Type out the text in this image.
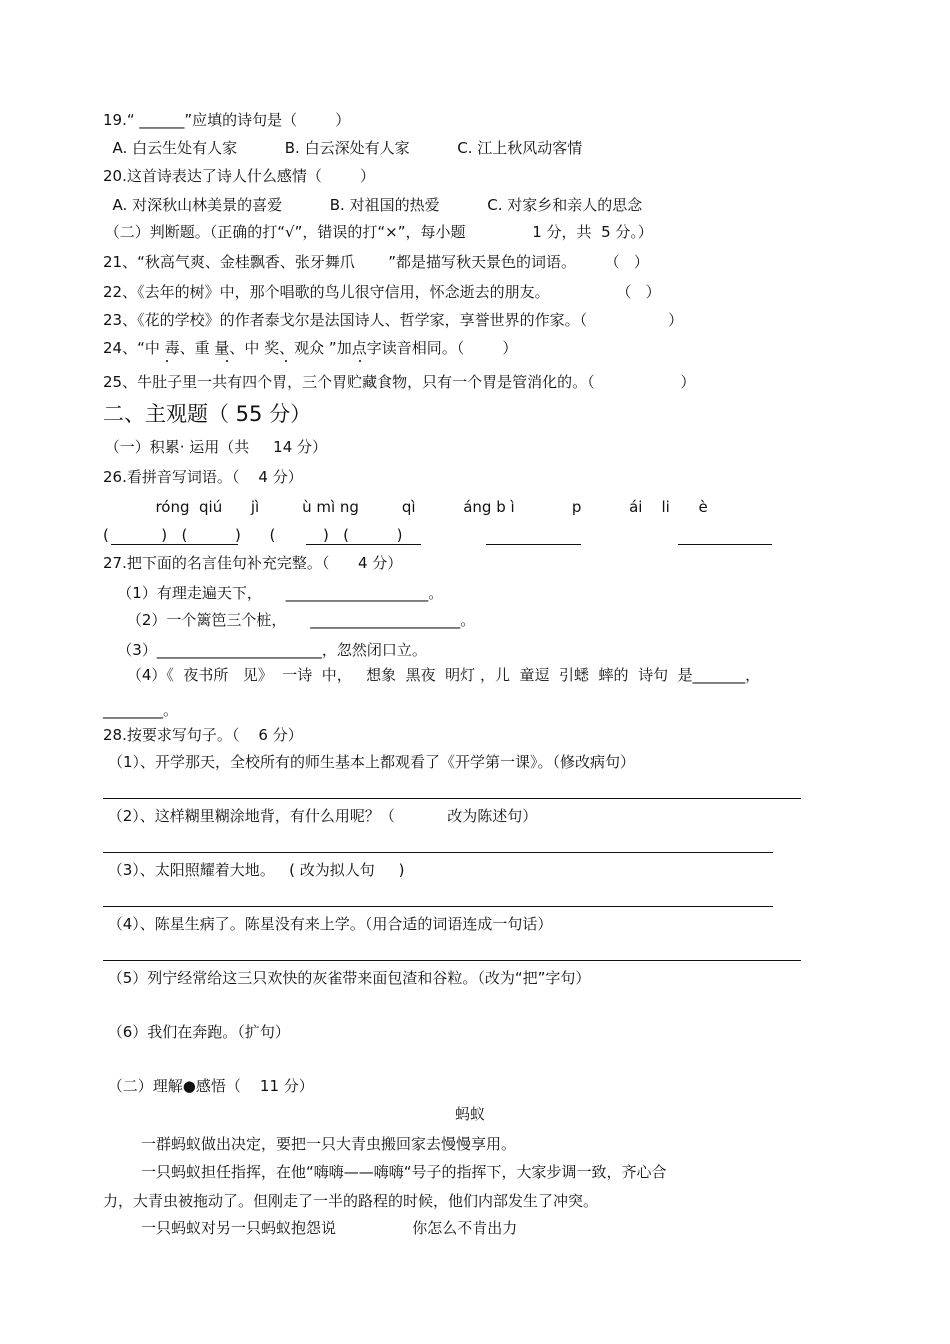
19.“ ______”应填的诗句是（        ）
A. 白云生处有人家          B. 白云深处有人家          C. 江上秋风动客情
20.这首诗表达了诗人什么感情（        ）
A. 对深秋山林美景的喜爱          B. 对祖国的热爱          C. 对家乡和亲人的思念
（二）判断题。（正确的打“√”，错误的打“×”，每小题              1 分，共  5 分。）
21、“秋高气爽、金桂飘香、张牙舞爪       ”都是描写秋天景色的词语。      （   ）
22、《去年的树》中，那个唱歌的鸟儿很守信用，怀念逝去的朋友。              （   ）
23、《花的学校》的作者泰戈尔是法国诗人、哲学家，享誉世界的作家。（                 ）
24、“中 毒、重 量、中 奖、观众 ”加点字读音相同。（        ）
25、牛肚子里一共有四个胃，三个胃贮藏食物，只有一个胃是管消化的。（                  ）
二、主观题（ 55 分）
（一）积累· 运用（共     14 分）
26.看拼音写词语。（    4 分）
róng  qiú      jì         ù mì ng         qì          áng b ì            p          ái    li      è
(           )   (          )      (          )   (          )
27.把下面的名言佳句补充完整。（      4 分）
（1）有理走遍天下，     ___________________。
（2）一个篱笆三个桩，     ____________________。
（3）______________________，忽然闭口立。
（4）《  夜书所   见》  一诗  中，   想象  黑夜  明灯 ，儿  童逗  引蟋  蟀的  诗句  是_______，
________。
28.按要求写句子。（    6 分）
（1）、开学那天，全校所有的师生基本上都观看了《开学第一课》。（修改病句）
（2）、这样糊里糊涂地背，有什么用呢？（           改为陈述句）
（3）、太阳照耀着大地。   ( 改为拟人句     )
（4）、陈星生病了。陈星没有来上学。（用合适的词语连成一句话）
（5）列宁经常给这三只欢快的灰雀带来面包渣和谷粒。（改为“把”字句）
（6）我们在奔跑。（扩句）
（二）理解●感悟（    11 分）
蚂蚁
一群蚂蚁做出决定，要把一只大青虫搬回家去慢慢享用。
一只蚂蚁担任指挥，在他“嗨嗨——嗨嗨“号子的指挥下，大家步调一致，齐心合
力，大青虫被拖动了。但刚走了一半的路程的时候，他们内部发生了冲突。
一只蚂蚁对另一只蚂蚁抱怨说                你怎么不肯出力
